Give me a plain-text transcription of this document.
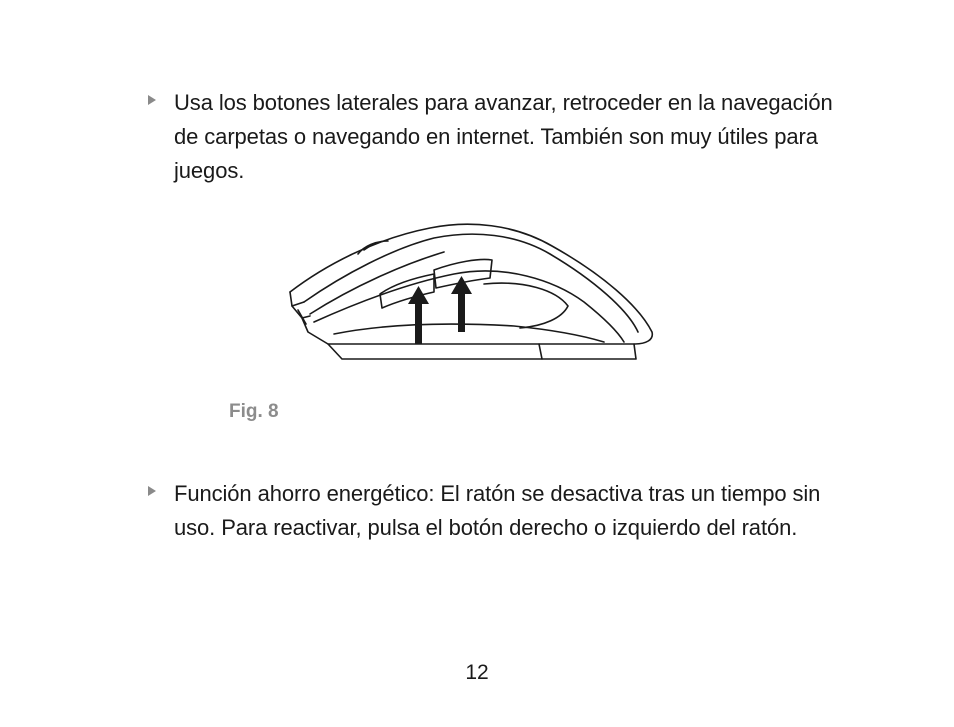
Usa los botones laterales para avanzar, retroceder en la navegación de carpetas o navegando en internet. También son muy útiles para juegos.
Fig. 8
Función ahorro energético: El ratón se desactiva tras un tiempo sin uso. Para reactivar, pulsa el botón derecho o izquierdo del ratón.
12
